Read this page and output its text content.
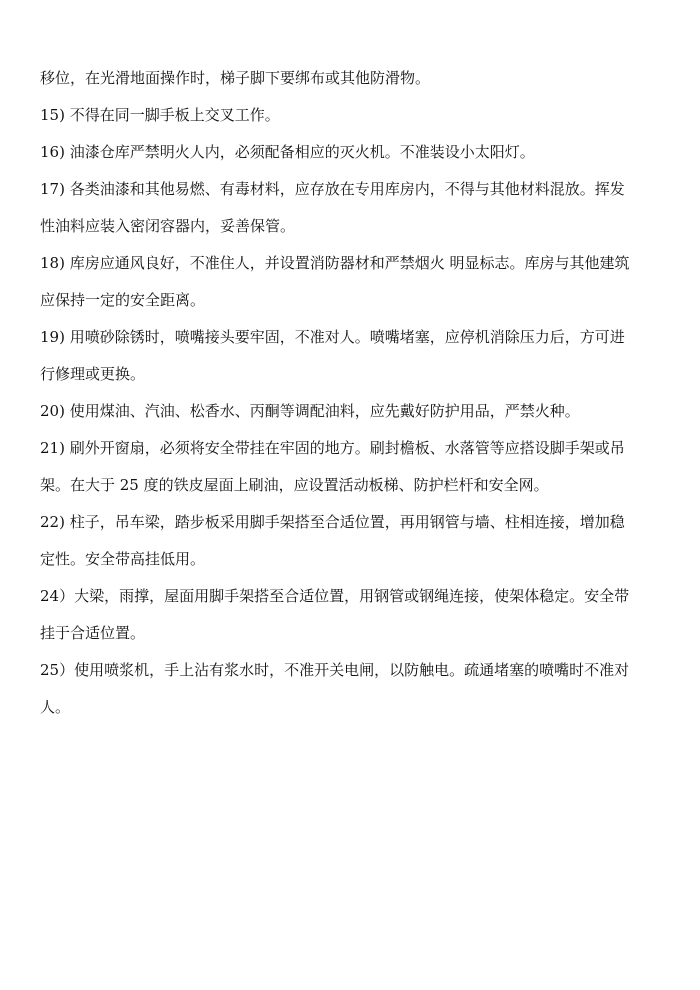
移位，在光滑地面操作时，梯子脚下要绑布或其他防滑物。

15) 不得在同一脚手板上交叉工作。

16) 油漆仓库严禁明火人内，必须配备相应的灭火机。不准装设小太阳灯。

17) 各类油漆和其他易燃、有毒材料，应存放在专用库房内，不得与其他材料混放。挥发
性油料应装入密闭容器内，妥善保管。

18) 库房应通风良好，不准住人，并设置消防器材和严禁烟火 明显标志。库房与其他建筑
应保持一定的安全距离。

19) 用喷砂除锈时，喷嘴接头要牢固，不准对人。喷嘴堵塞，应停机消除压力后，方可进
行修理或更换。

20) 使用煤油、汽油、松香水、丙酮等调配油料，应先戴好防护用品，严禁火种。

21) 刷外开窗扇，必须将安全带挂在牢固的地方。刷封檐板、水落管等应搭设脚手架或吊
架。在大于 25 度的铁皮屋面上刷油，应设置活动板梯、防护栏杆和安全网。

22) 柱子，吊车梁，踏步板采用脚手架搭至合适位置，再用钢管与墙、柱相连接，增加稳
定性。安全带高挂低用。

24）大梁，雨撑，屋面用脚手架搭至合适位置，用钢管或钢绳连接，使架体稳定。安全带
挂于合适位置。

25）使用喷浆机，手上沾有浆水时，不准开关电闸，以防触电。疏通堵塞的喷嘴时不准对
人。
